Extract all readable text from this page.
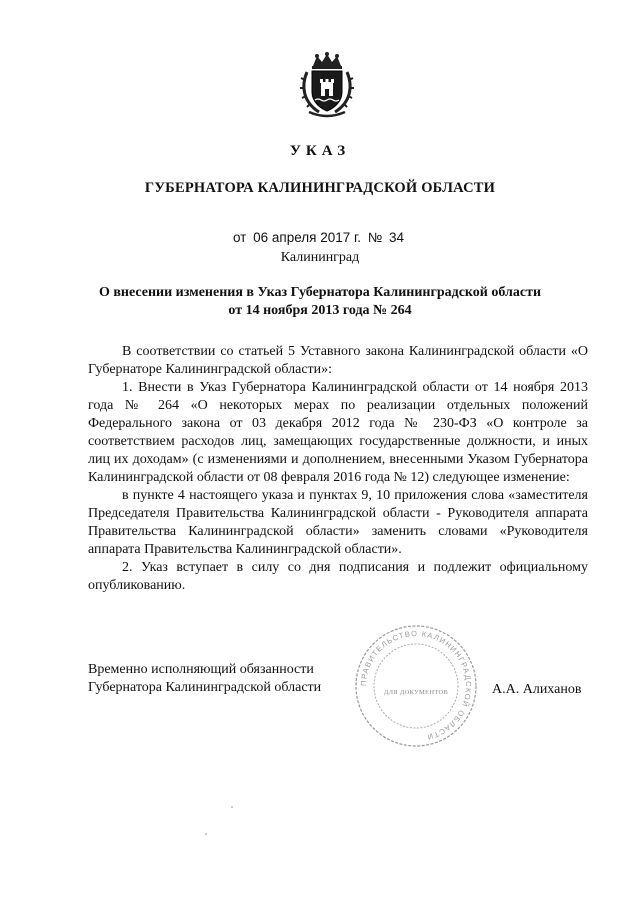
УКАЗ
ГУБЕРНАТОРА КАЛИНИНГРАДСКОЙ ОБЛАСТИ
от 06 апреля 2017 г. № 34
Калининград
О внесении изменения в Указ Губернатора Калининградской области
от 14 ноября 2013 года № 264

В соответствии со статьей 5 Уставного закона Калининградской области «О Губернаторе Калининградской области»:

1. Внести в Указ Губернатора Калининградской области от 14 ноября 2013 года № 264 «О некоторых мерах по реализации отдельных положений Федерального закона от 03 декабря 2012 года № 230-ФЗ «О контроле за соответствием расходов лиц, замещающих государственные должности, и иных лиц их доходам» (с изменениями и дополнением, внесенными Указом Губернатора Калининградской области от 08 февраля 2016 года № 12) следующее изменение:

в пункте 4 настоящего указа и пунктах 9, 10 приложения слова «заместителя Председателя Правительства Калининградской области - Руководителя аппарата Правительства Калининградской области» заменить словами «Руководителя аппарата Правительства Калининградской области».

2. Указ вступает в силу со дня подписания и подлежит официальному опубликованию.

ПРАВИТЕЛЬСТВО КАЛИНИНГРАДСКОЙ ОБЛАСТИ
ДЛЯ ДОКУМЕНТОВ
Временно исполняющий обязанности
Губернатора Калининградской области	А.А. Алиханов
